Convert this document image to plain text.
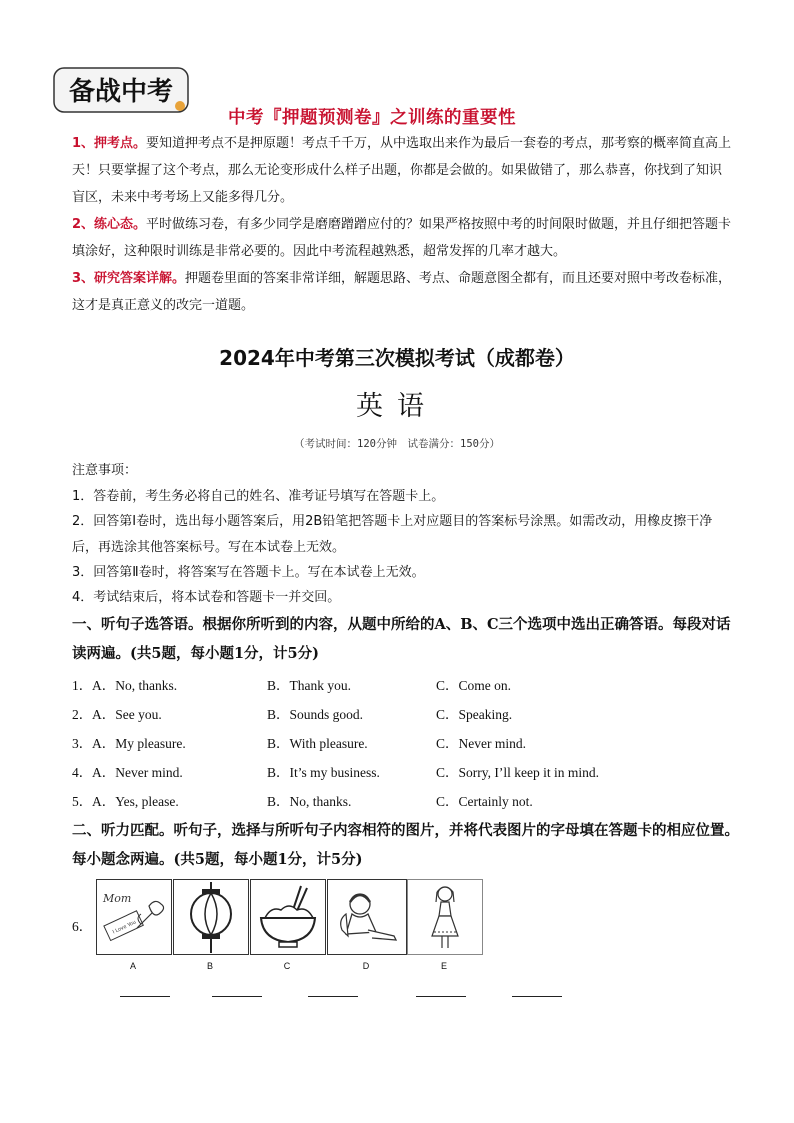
备战中考
中考『押题预测卷』之训练的重要性
1、押考点。要知道押考点不是押原题！考点千千万，从中选取出来作为最后一套卷的考点，那考察的概率简直高上天！只要掌握了这个考点，那么无论变形成什么样子出题，你都是会做的。如果做错了，那么恭喜，你找到了知识盲区，未来中考考场上又能多得几分。
2、练心态。平时做练习卷，有多少同学是磨磨蹭蹭应付的？如果严格按照中考的时间限时做题，并且仔细把答题卡填涂好，这种限时训练是非常必要的。因此中考流程越熟悉，超常发挥的几率才越大。
3、研究答案详解。押题卷里面的答案非常详细，解题思路、考点、命题意图全都有，而且还要对照中考改卷标准，这才是真正意义的改完一道题。
2024年中考第三次模拟考试（成都卷）
英语
（考试时间：120分钟　试卷满分：150分）
注意事项：
1．答卷前，考生务必将自己的姓名、准考证号填写在答题卡上。
2．回答第Ⅰ卷时，选出每小题答案后，用2B铅笔把答题卡上对应题目的答案标号涂黑。如需改动，用橡皮擦干净后，再选涂其他答案标号。写在本试卷上无效。
3．回答第Ⅱ卷时，将答案写在答题卡上。写在本试卷上无效。
4．考试结束后，将本试卷和答题卡一并交回。
一、听句子选答语。根据你所听到的内容，从题中所给的A、B、C三个选项中选出正确答语。每段对话读两遍。(共5题，每小题1分，计5分)
1． A．No, thanks.	B．Thank you.	C．Come on.
2． A．See you.	B．Sounds good.	C．Speaking.
3． A．My pleasure.	B．With pleasure.	C．Never mind.
4． A．Never mind.	B．It’s my business.	C．Sorry, I’ll keep it in mind.
5． A．Yes, please.	B．No, thanks.	C．Certainly not.
二、听力匹配。听句子，选择与所听句子内容相符的图片，并将代表图片的字母填在答题卡的相应位置。每小题念两遍。(共5题，每小题1分，计5分)
6．
Mom
I Love You
A	B	C	D	E
